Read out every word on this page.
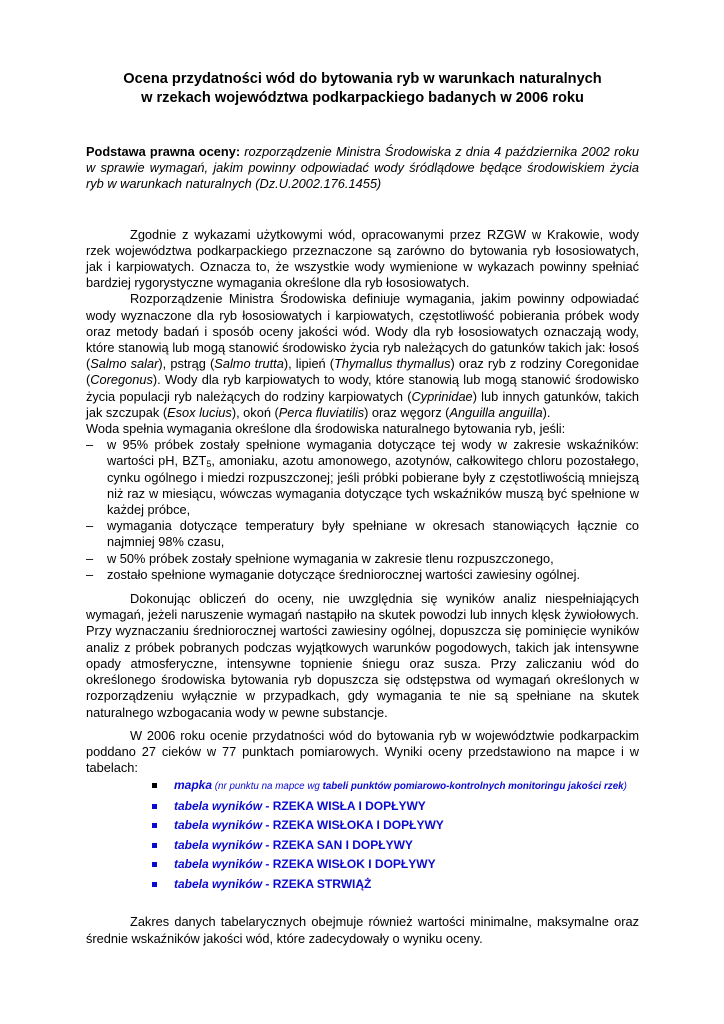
Ocena przydatności wód do bytowania ryb w warunkach naturalnych
w rzekach województwa podkarpackiego badanych w 2006 roku

Podstawa prawna oceny: rozporządzenie Ministra Środowiska z dnia 4 października 2002 roku w sprawie wymagań, jakim powinny odpowiadać wody śródlądowe będące środowiskiem życia ryb w warunkach naturalnych (Dz.U.2002.176.1455)

Zgodnie z wykazami użytkowymi wód, opracowanymi przez RZGW w Krakowie, wody rzek województwa podkarpackiego przeznaczone są zarówno do bytowania ryb łososiowatych, jak i karpiowatych. Oznacza to, że wszystkie wody wymienione w wykazach powinny spełniać bardziej rygorystyczne wymagania określone dla ryb łososiowatych.

Rozporządzenie Ministra Środowiska definiuje wymagania, jakim powinny odpowiadać wody wyznaczone dla ryb łososiowatych i karpiowatych, częstotliwość pobierania próbek wody oraz metody badań i sposób oceny jakości wód. Wody dla ryb łososiowatych oznaczają wody, które stanowią lub mogą stanowić środowisko życia ryb należących do gatunków takich jak: łosoś (Salmo salar), pstrąg (Salmo trutta), lipień (Thymallus thymallus) oraz ryb z rodziny Coregonidae (Coregonus). Wody dla ryb karpiowatych to wody, które stanowią lub mogą stanowić środowisko życia populacji ryb należących do rodziny karpiowatych (Cyprinidae) lub innych gatunków, takich jak szczupak (Esox lucius), okoń (Perca fluviatilis) oraz węgorz (Anguilla anguilla).

Woda spełnia wymagania określone dla środowiska naturalnego bytowania ryb, jeśli:

– w 95% próbek zostały spełnione wymagania dotyczące tej wody w zakresie wskaźników: wartości pH, $BZT_5$, amoniaku, azotu amonowego, azotynów, całkowitego chloru pozostałego, cynku ogólnego i miedzi rozpuszczonej; jeśli próbki pobierane były z częstotliwością mniejszą niż raz w miesiącu, wówczas wymagania dotyczące tych wskaźników muszą być spełnione w każdej próbce,
– wymagania dotyczące temperatury były spełniane w okresach stanowiących łącznie co najmniej 98% czasu,
– w 50% próbek zostały spełnione wymagania w zakresie tlenu rozpuszczonego,
– zostało spełnione wymaganie dotyczące średniorocznej wartości zawiesiny ogólnej.

Dokonując obliczeń do oceny, nie uwzględnia się wyników analiz niespełniających wymagań, jeżeli naruszenie wymagań nastąpiło na skutek powodzi lub innych klęsk żywiołowych. Przy wyznaczaniu średniorocznej wartości zawiesiny ogólnej, dopuszcza się pominięcie wyników analiz z próbek pobranych podczas wyjątkowych warunków pogodowych, takich jak intensywne opady atmosferyczne, intensywne topnienie śniegu oraz susza. Przy zaliczaniu wód do określonego środowiska bytowania ryb dopuszcza się odstępstwa od wymagań określonych w rozporządzeniu wyłącznie w przypadkach, gdy wymagania te nie są spełniane na skutek naturalnego wzbogacania wody w pewne substancje.

W 2006 roku ocenie przydatności wód do bytowania ryb w województwie podkarpackim poddano 27 cieków w 77 punktach pomiarowych. Wyniki oceny przedstawiono na mapce i w tabelach:

mapka (nr punktu na mapce wg tabeli punktów pomiarowo-kontrolnych monitoringu jakości rzek)
tabela wyników - RZEKA WISŁA I DOPŁYWY
tabela wyników - RZEKA WISŁOKA I DOPŁYWY
tabela wyników - RZEKA SAN I DOPŁYWY
tabela wyników - RZEKA WISŁOK I DOPŁYWY
tabela wyników - RZEKA STRWIĄŻ

Zakres danych tabelarycznych obejmuje również wartości minimalne, maksymalne oraz średnie wskaźników jakości wód, które zadecydowały o wyniku oceny.
